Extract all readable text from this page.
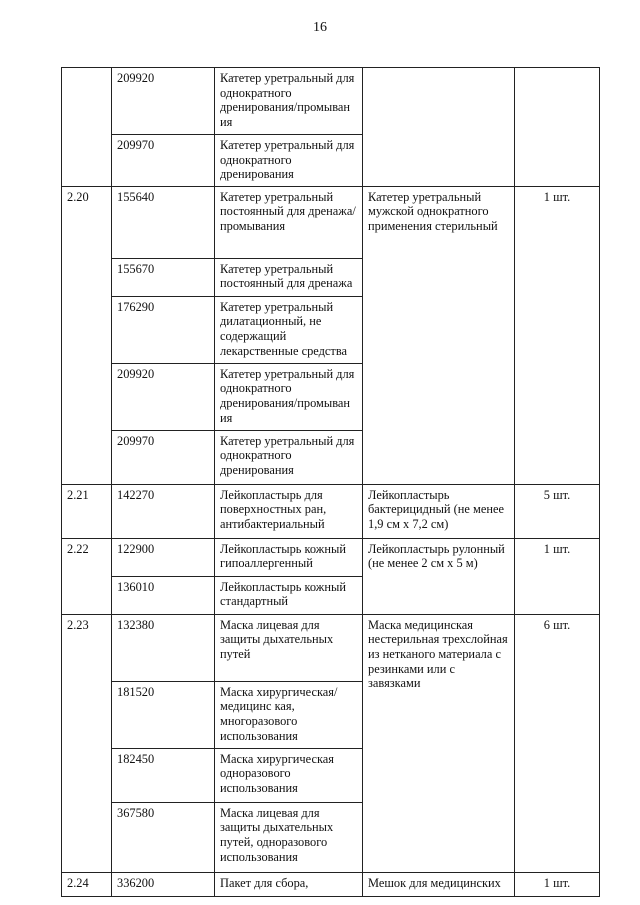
16
	209920	Катетер уретральный для однократного дренирования/промыван ия		
	209970	Катетер уретральный для однократного дренирования		
2.20	155640	Катетер уретральный постоянный для дренажа/промывания	Катетер уретральный мужской однократного применения стерильный	1 шт.
	155670	Катетер уретральный постоянный для дренажа		
	176290	Катетер уретральный дилатационный, не содержащий лекарственные средства		
	209920	Катетер уретральный для однократного дренирования/промыван ия		
	209970	Катетер уретральный для однократного дренирования		
2.21	142270	Лейкопластырь для поверхностных ран, антибактериальный	Лейкопластырь бактерицидный (не менее 1,9 см х 7,2 см)	5 шт.
2.22	122900	Лейкопластырь кожный гипоаллергенный	Лейкопластырь рулонный (не менее 2 см х 5 м)	1 шт.
	136010	Лейкопластырь кожный стандартный		
2.23	132380	Маска лицевая для защиты дыхательных путей	Маска медицинская нестерильная трехслойная из нетканого материала с резинками или с завязками	6 шт.
	181520	Маска хирургическая/медицинс кая, многоразового использования		
	182450	Маска хирургическая одноразового использования		
	367580	Маска лицевая для защиты дыхательных путей, одноразового использования		
2.24	336200	Пакет для сбора,	Мешок для медицинских	1 шт.
